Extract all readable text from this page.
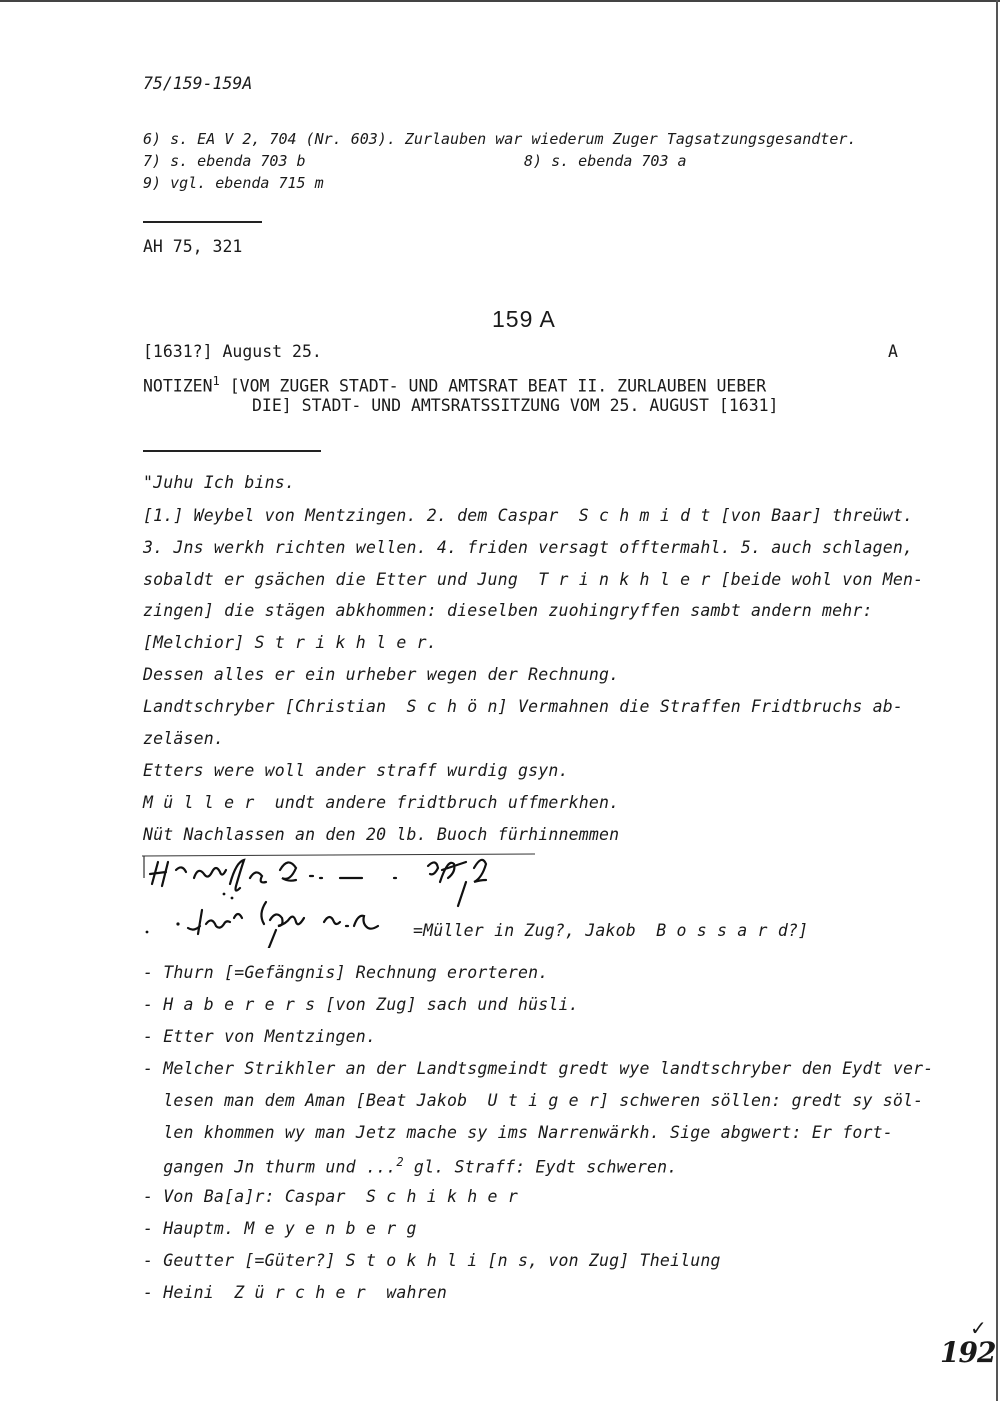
75/159-159A
6) s. EA V 2, 704 (Nr. 603). Zurlauben war wiederum Zuger Tagsatzungsgesandter.
7) s. ebenda 703 b	8) s. ebenda 703 a
9) vgl. ebenda 715 m
AH 75, 321
159 A
[1631?] August 25.	A
NOTIZEN$^1$ [VOM ZUGER STADT- UND AMTSRAT BEAT II. ZURLAUBEN UEBER
DIE] STADT- UND AMTSRATSSITZUNG VOM 25. AUGUST [1631]
"Juhu Ich bins.
[1.] Weybel von Mentzingen. 2. dem Caspar  S c h m i d t [von Baar] threüwt.
3. Jns werkh richten wellen. 4. friden versagt offtermahl. 5. auch schlagen,
sobaldt er gsächen die Etter und Jung  T r i n k h l e r [beide wohl von Men-
zingen] die stägen abkhommen: dieselben zuohingryffen sambt andern mehr:
[Melchior] S t r i k h l e r.
Dessen alles er ein urheber wegen der Rechnung.
Landtschryber [Christian  S c h ö n] Vermahnen die Straffen Fridtbruchs ab-
zeläsen.
Etters were woll ander straff wurdig gsyn.
M ü l l e r  undt andere fridtbruch uffmerkhen.
Nüt Nachlassen an den 20 lb. Buoch fürhinnemmen
=Müller in Zug?, Jakob  B o s s a r d?]
- Thurn [=Gefängnis] Rechnung erorteren.
- H a b e r e r s [von Zug] sach und hüsli.
- Etter von Mentzingen.
- Melcher Strikhler an der Landtsgmeindt gredt wye landtschryber den Eydt ver-
lesen man dem Aman [Beat Jakob  U t i g e r] schweren söllen: gredt sy söl-
len khommen wy man Jetz mache sy ims Narrenwärkh. Sige abgwert: Er fort-
gangen Jn thurm und ...$^2$ gl. Straff: Eydt schweren.
- Von Ba[a]r: Caspar  S c h i k h e r
- Hauptm. M e y e n b e r g
- Geutter [=Güter?] S t o k h l i [n s, von Zug] Theilung
- Heini  Z ü r c h e r  wahren
✓
192
